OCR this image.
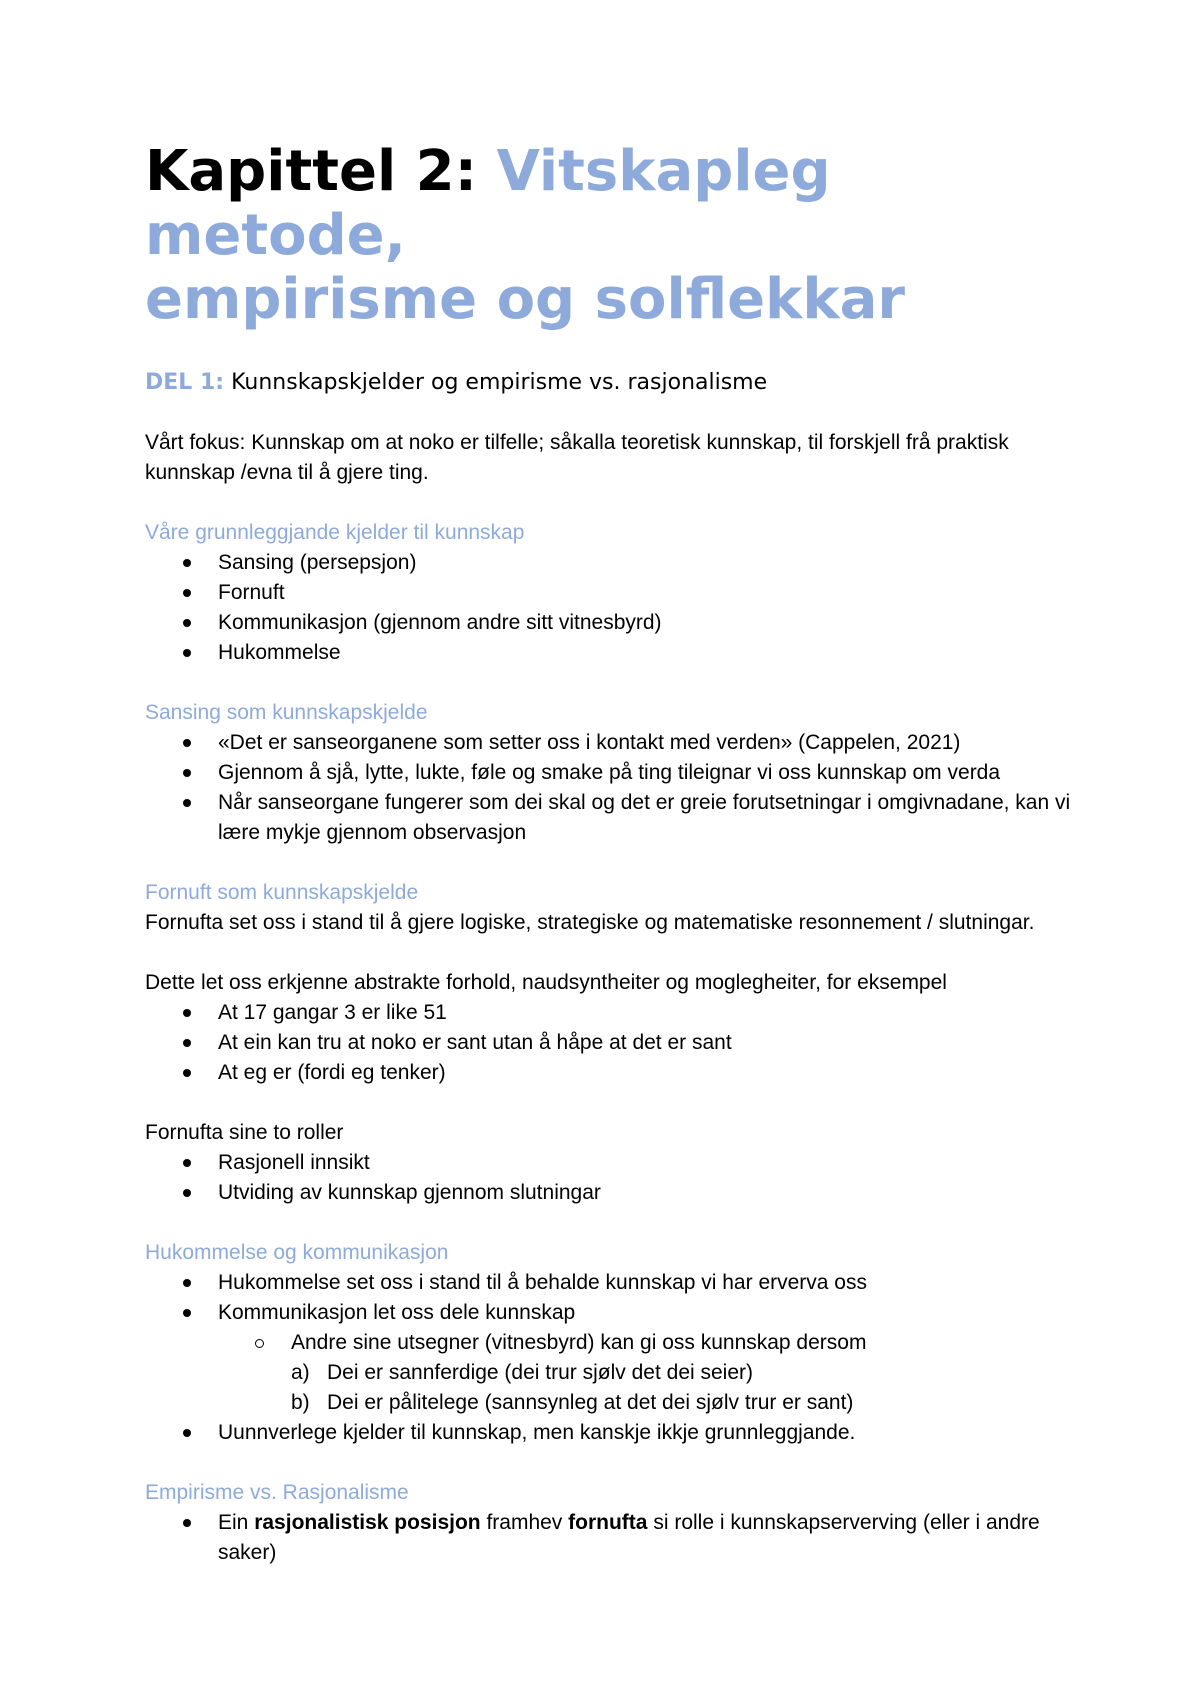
Kapittel 2: Vitskapleg metode,
empirisme og solflekkar
DEL 1: Kunnskapskjelder og empirisme vs. rasjonalisme
Vårt fokus: Kunnskap om at noko er tilfelle; såkalla teoretisk kunnskap, til forskjell frå praktisk kunnskap /evna til å gjere ting.
Våre grunnleggjande kjelder til kunnskap
Sansing (persepsjon)
Fornuft
Kommunikasjon (gjennom andre sitt vitnesbyrd)
Hukommelse
Sansing som kunnskapskjelde
«Det er sanseorganene som setter oss i kontakt med verden» (Cappelen, 2021)
Gjennom å sjå, lytte, lukte, føle og smake på ting tileignar vi oss kunnskap om verda
Når sanseorgane fungerer som dei skal og det er greie forutsetningar i omgivnadane, kan vi lære mykje gjennom observasjon
Fornuft som kunnskapskjelde
Fornufta set oss i stand til å gjere logiske, strategiske og matematiske resonnement / slutningar.
Dette let oss erkjenne abstrakte forhold, naudsyntheiter og moglegheiter, for eksempel
At 17 gangar 3 er like 51
At ein kan tru at noko er sant utan å håpe at det er sant
At eg er (fordi eg tenker)
Fornufta sine to roller
Rasjonell innsikt
Utviding av kunnskap gjennom slutningar
Hukommelse og kommunikasjon
Hukommelse set oss i stand til å behalde kunnskap vi har erverva oss
Kommunikasjon let oss dele kunnskap
Andre sine utsegner (vitnesbyrd) kan gi oss kunnskap dersom
a) Dei er sannferdige (dei trur sjølv det dei seier)
b) Dei er pålitelege (sannsynleg at det dei sjølv trur er sant)
Uunnverlege kjelder til kunnskap, men kanskje ikkje grunnleggjande.
Empirisme vs. Rasjonalisme
Ein rasjonalistisk posisjon framhev fornufta si rolle i kunnskapserverving (eller i andre saker)
